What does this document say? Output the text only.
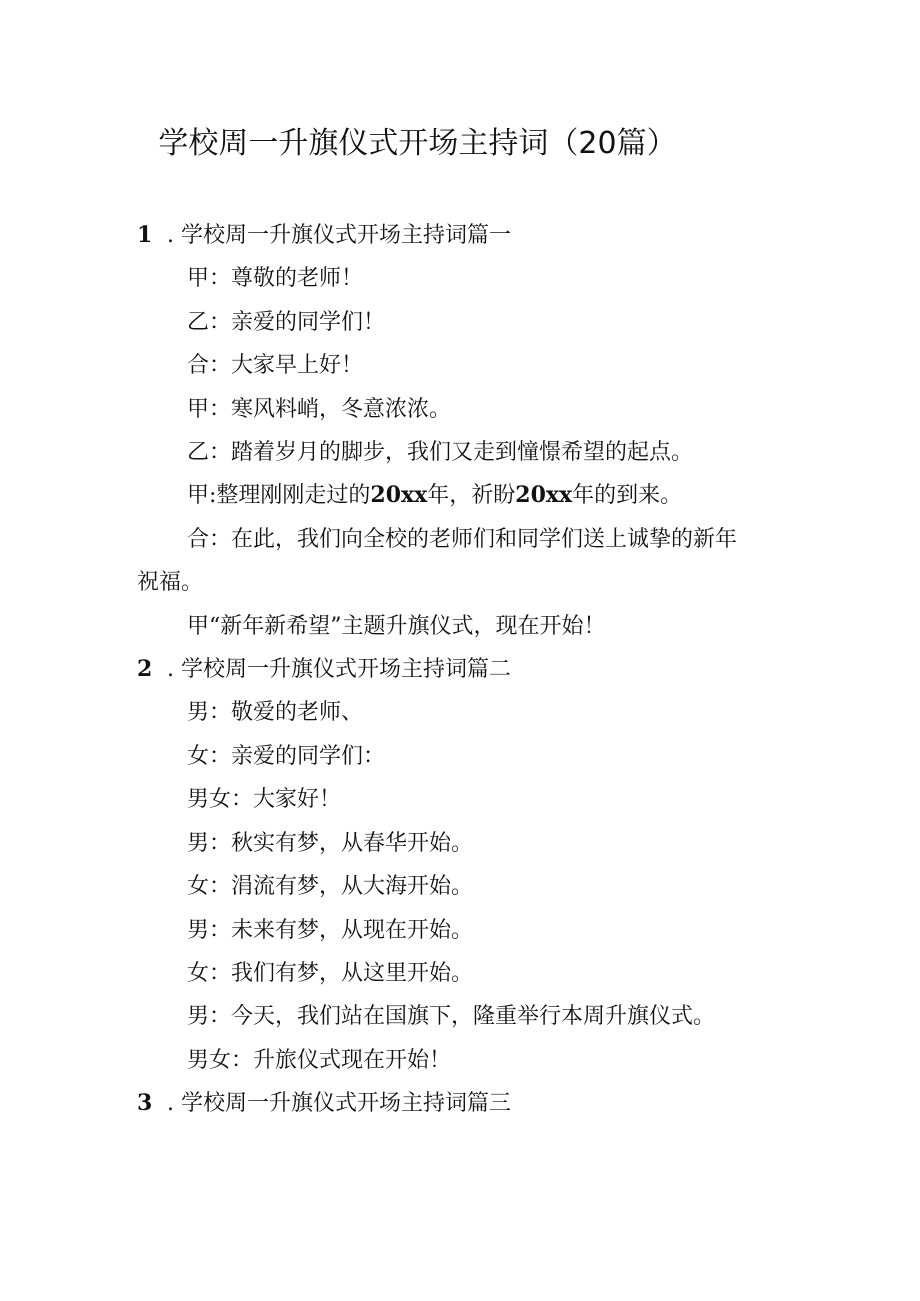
学校周一升旗仪式开场主持词（20篇）

1 . 学校周一升旗仪式开场主持词篇一

甲：尊敬的老师！

乙：亲爱的同学们！

合：大家早上好！

甲：寒风料峭，冬意浓浓。

乙：踏着岁月的脚步，我们又走到憧憬希望的起点。

甲:整理刚刚走过的20xx年，祈盼20xx年的到来。

合：在此，我们向全校的老师们和同学们送上诚挚的新年

祝福。

甲“新年新希望”主题升旗仪式，现在开始！

2 . 学校周一升旗仪式开场主持词篇二

男：敬爱的老师、

女：亲爱的同学们：

男女：大家好！

男：秋实有梦，从春华开始。

女：涓流有梦，从大海开始。

男：未来有梦，从现在开始。

女：我们有梦，从这里开始。

男：今天，我们站在国旗下，隆重举行本周升旗仪式。

男女：升旅仪式现在开始！

3 . 学校周一升旗仪式开场主持词篇三
